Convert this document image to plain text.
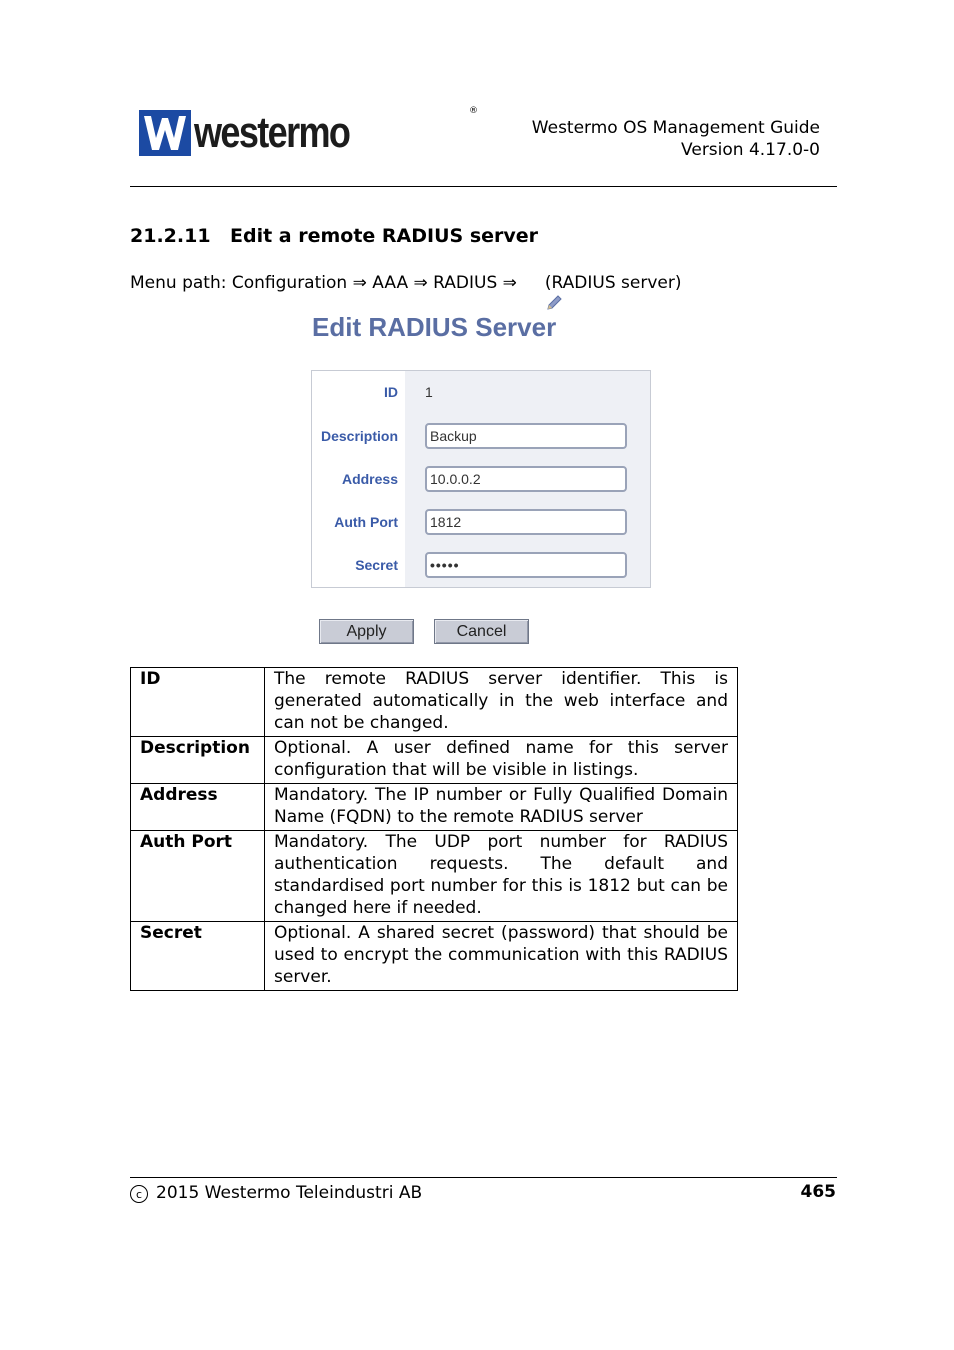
westermo	®
Westermo OS Management Guide
Version 4.17.0-0
21.2.11 Edit a remote RADIUS server
Menu path:
Configuration
⇒
AAA
⇒
RADIUS
⇒

(RADIUS server)
Edit RADIUS Server
ID 1
Description	Backup
Address	10.0.0.2
Auth Port	1812
Secret	•••••
Apply	Cancel
ID	The remote RADIUS server identifier. This is generated automatically in the web interface and can not be changed.
Description	Optional. A user defined name for this server configuration that will be visible in listings.
Address	Mandatory. The IP number or Fully Qualified Domain Name (FQDN) to the remote RADIUS server
Auth Port	Mandatory. The UDP port number for RADIUS authentication requests. The default and standardised port number for this is 1812 but can be changed here if needed.
Secret	Optional. A shared secret (password) that should be used to encrypt the communication with this RADIUS server.
c 2015 Westermo Teleindustri AB	465
